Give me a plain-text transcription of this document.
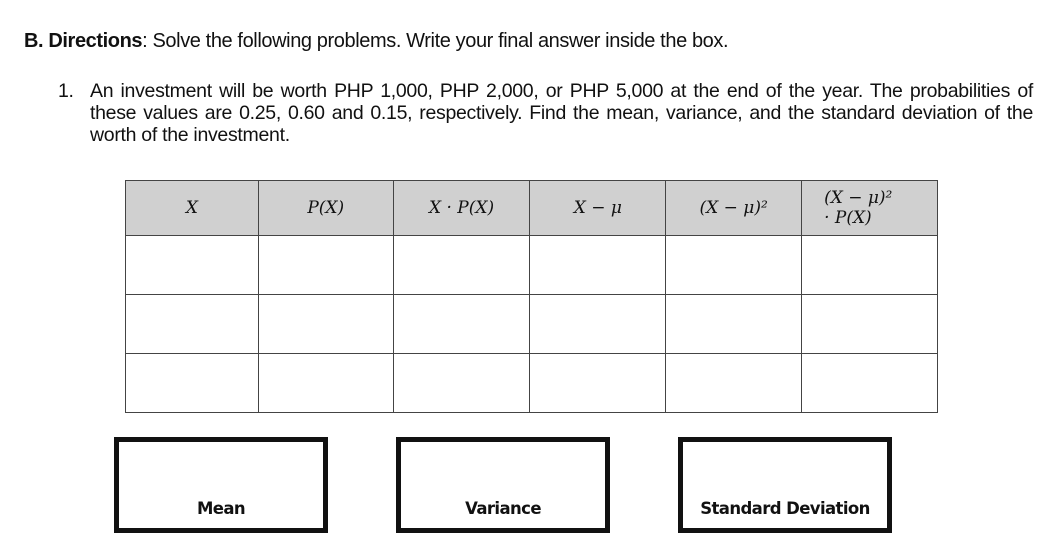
B. Directions: Solve the following problems. Write your final answer inside the box.
1. An investment will be worth PHP 1,000, PHP 2,000, or PHP 5,000 at the end of the year. The probabilities of these values are 0.25, 0.60 and 0.15, respectively. Find the mean, variance, and the standard deviation of the worth of the investment.
X	P(X)	X · P(X)	X − μ	(X − μ)²	(X − μ)²
· P(X)

Mean	Variance	Standard Deviation
